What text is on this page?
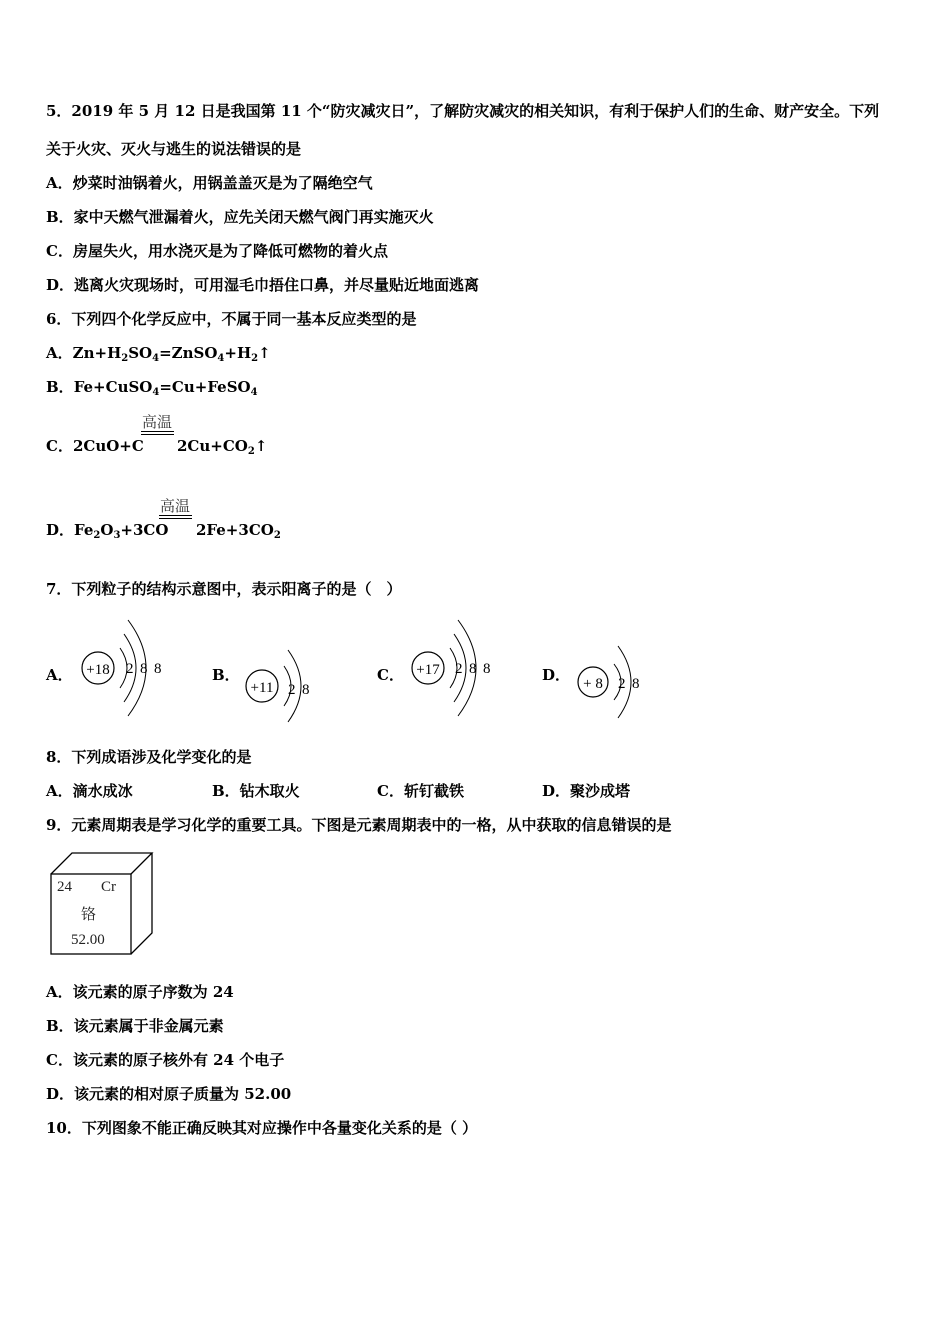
5．2019 年 5 月 12 日是我国第 11 个“防灾减灾日”，了解防灾减灾的相关知识，有利于保护人们的生命、财产安全。下列
关于火灾、灭火与逃生的说法错误的是
A．炒菜时油锅着火，用锅盖盖灭是为了隔绝空气
B．家中天燃气泄漏着火，应先关闭天燃气阀门再实施灭火
C．房屋失火，用水浇灭是为了降低可燃物的着火点
D．逃离火灾现场时，可用湿毛巾捂住口鼻，并尽量贴近地面逃离
6．下列四个化学反应中，不属于同一基本反应类型的是
A．$Zn+H_2SO_4=ZnSO_4+H_2↑$
B．Fe+CuSO$_4$=Cu+FeSO$_4$
高温
C．2CuO+C $2Cu+CO_2↑$
高温
D．$Fe_2O_3+3CO$ $2Fe+3CO_2$
7．下列粒子的结构示意图中，表示阳离子的是（　）
A．	B．	C．	D．
+18 2 8 8
+11 2 8
+17 2 8 8
+ 8 2 8
8．下列成语涉及化学变化的是
A．滴水成冰	B．钻木取火	C．斩钉截铁	D．聚沙成塔
9．元素周期表是学习化学的重要工具。下图是元素周期表中的一格，从中获取的信息错误的是
24 Cr
铬
52.00
A．该元素的原子序数为 24
B．该元素属于非金属元素
C．该元素的原子核外有 24 个电子
D．该元素的相对原子质量为 52.00
10．下列图象不能正确反映其对应操作中各量变化关系的是（ ）
